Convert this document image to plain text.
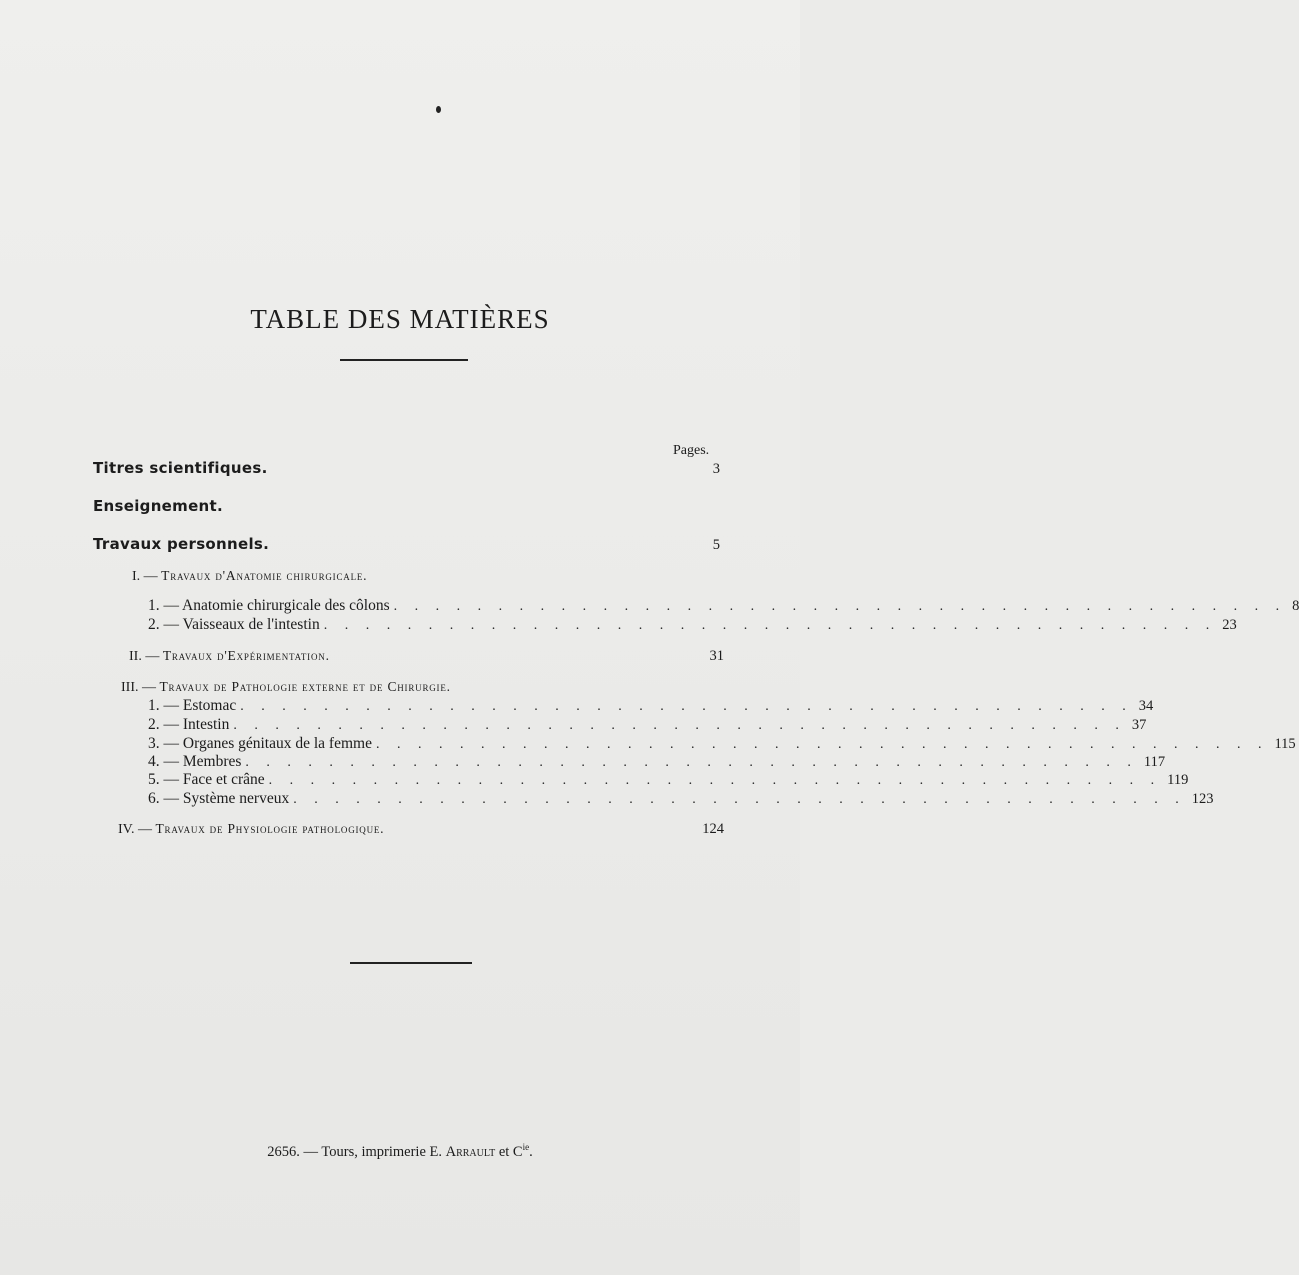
TABLE DES MATIÈRES
Pages.
Titres scientifiques.	3
Enseignement.
Travaux personnels.	5
I. — Travaux d'Anatomie chirurgicale.
1. — Anatomie chirurgicale des côlons . . . . . . . . . . . . . . . . . . . . . . . . . . . . . . . . . . . . . . . . . . . 8
2. — Vaisseaux de l'intestin . . . . . . . . . . . . . . . . . . . . . . . . . . . . . . . . . . . . . . . . . . . 23
II. — Travaux d'Expérimentation.	31
III. — Travaux de Pathologie externe et de Chirurgie.
1. — Estomac . . . . . . . . . . . . . . . . . . . . . . . . . . . . . . . . . . . . . . . . . . . 34
2. — Intestin . . . . . . . . . . . . . . . . . . . . . . . . . . . . . . . . . . . . . . . . . . . 37
3. — Organes génitaux de la femme . . . . . . . . . . . . . . . . . . . . . . . . . . . . . . . . . . . . . . . . . . . 115
4. — Membres . . . . . . . . . . . . . . . . . . . . . . . . . . . . . . . . . . . . . . . . . . . 117
5. — Face et crâne . . . . . . . . . . . . . . . . . . . . . . . . . . . . . . . . . . . . . . . . . . . 119
6. — Système nerveux . . . . . . . . . . . . . . . . . . . . . . . . . . . . . . . . . . . . . . . . . . . 123
IV. — Travaux de Physiologie pathologique.	124
2656. — Tours, imprimerie E. Arrault et $C^{ie}$.
